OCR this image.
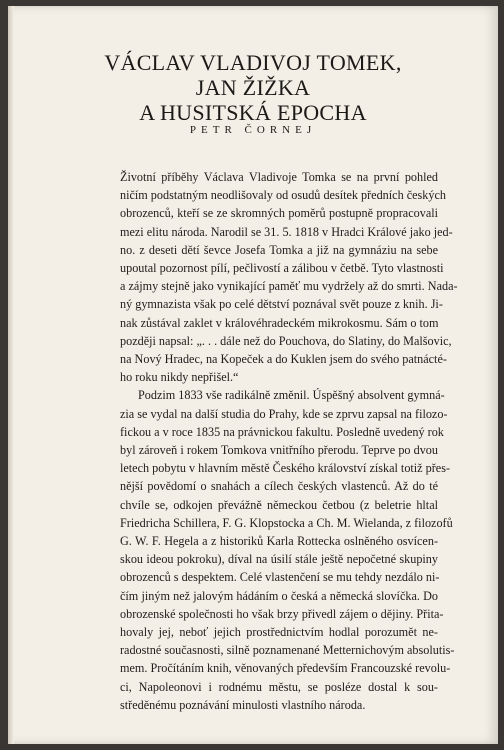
VÁCLAV VLADIVOJ TOMEK,
JAN ŽIŽKA
A HUSITSKÁ EPOCHA
PETR ČORNEJ
Životní příběhy Václava Vladivoje Tomka se na první pohled
ničím podstatným neodlišovaly od osudů desítek předních českých
obrozenců, kteří se ze skromných poměrů postupně propracovali
mezi elitu národa. Narodil se 31. 5. 1818 v Hradci Králové jako jed-
no. z deseti dětí ševce Josefa Tomka a již na gymnáziu na sebe
upoutal pozornost pílí, pečlivostí a zálibou v četbě. Tyto vlastnosti
a zájmy stejně jako vynikající paměť mu vydržely až do smrti. Nada-
ný gymnazista však po celé dětství poznával svět pouze z knih. Ji-
nak zůstával zaklet v královéhradeckém mikrokosmu. Sám o tom
později napsal: „. . . dále než do Pouchova, do Slatiny, do Malšovic,
na Nový Hradec, na Kopeček a do Kuklen jsem do svého patnácté-
ho roku nikdy nepřišel.“
Podzim 1833 vše radikálně změnil. Úspěšný absolvent gymná-
zia se vydal na další studia do Prahy, kde se zprvu zapsal na filozo-
fickou a v roce 1835 na právnickou fakultu. Posledně uvedený rok
byl zároveň i rokem Tomkova vnitřního přerodu. Teprve po dvou
letech pobytu v hlavním městě Českého království získal totiž přes-
nější povědomí o snahách a cílech českých vlastenců. Až do té
chvíle se, odkojen převážně německou četbou (z beletrie hltal
Friedricha Schillera, F. G. Klopstocka a Ch. M. Wielanda, z filozofů
G. W. F. Hegela a z historiků Karla Rottecka oslněného osvícen-
skou ideou pokroku), díval na úsilí stále ještě nepočetné skupiny
obrozenců s despektem. Celé vlastenčení se mu tehdy nezdálo ni-
čím jiným než jalovým hádáním o česká a německá slovíčka. Do
obrozenské společnosti ho však brzy přivedl zájem o dějiny. Přita-
hovaly jej, neboť jejich prostřednictvím hodlal porozumět ne-
radostné současnosti, silně poznamenané Metternichovým absolutis-
mem. Pročítáním knih, věnovaných především Francouzské revolu-
ci, Napoleonovi i rodnému městu, se posléze dostal k sou-
středěnému poznávání minulosti vlastního národa.
